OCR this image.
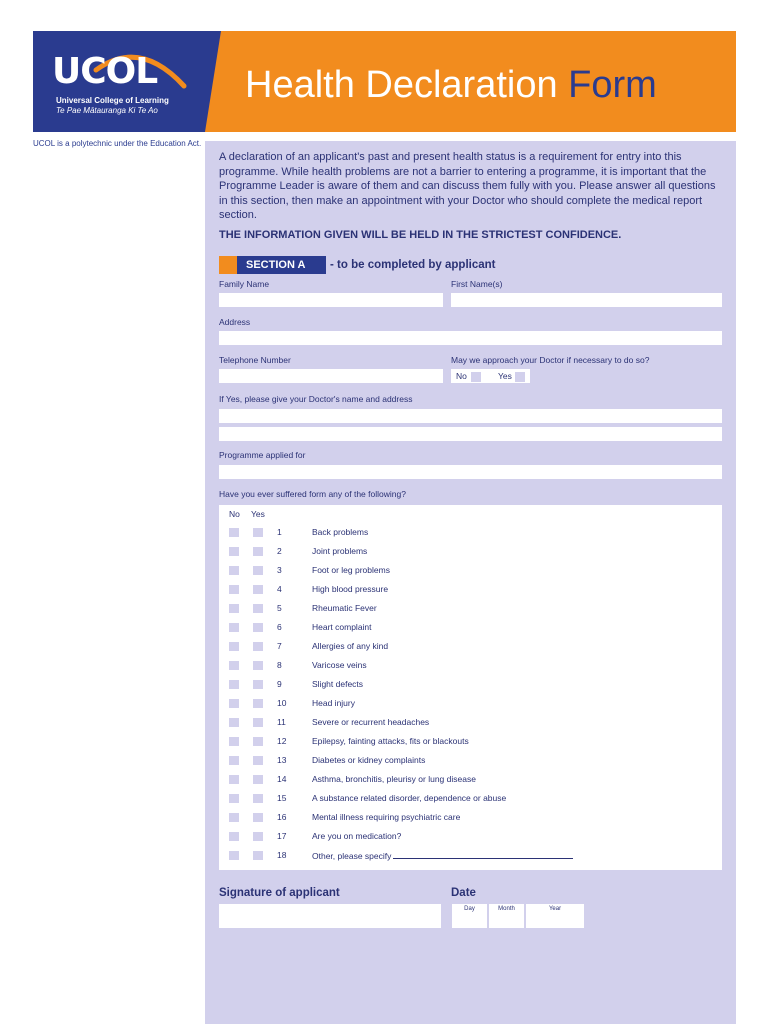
UCOL
Universal College of Learning
Te Pae Mātauranga Ki Te Ao
Health Declaration Form
UCOL is a polytechnic under the Education Act.
A declaration of an applicant's past and present health status is a requirement for entry into this programme. While health problems are not a barrier to entering a programme, it is important that the Programme Leader is aware of them and can discuss them fully with you. Please answer all questions in this section, then make an appointment with your Doctor who should complete the medical report section.
THE INFORMATION GIVEN WILL BE HELD IN THE STRICTEST CONFIDENCE.
SECTION A	- to be completed by applicant
Family Name	First Name(s)
Address
Telephone Number	May we approach your Doctor if necessary to do so?
No	Yes
If Yes, please give your Doctor's name and address
Programme applied for
Have you ever suffered form any of the following?
No Yes
1	Back problems
2	Joint problems
3	Foot or leg problems
4	High blood pressure
5	Rheumatic Fever
6	Heart complaint
7	Allergies of any kind
8	Varicose veins
9	Slight defects
10	Head injury
11	Severe or recurrent headaches
12	Epilepsy, fainting attacks, fits or blackouts
13	Diabetes or kidney complaints
14	Asthma, bronchitis, pleurisy or lung disease
15	A substance related disorder, dependence or abuse
16	Mental illness requiring psychiatric care
17	Are you on medication?
18	Other, please specify
Signature of applicant	Date
Day	Month	Year
